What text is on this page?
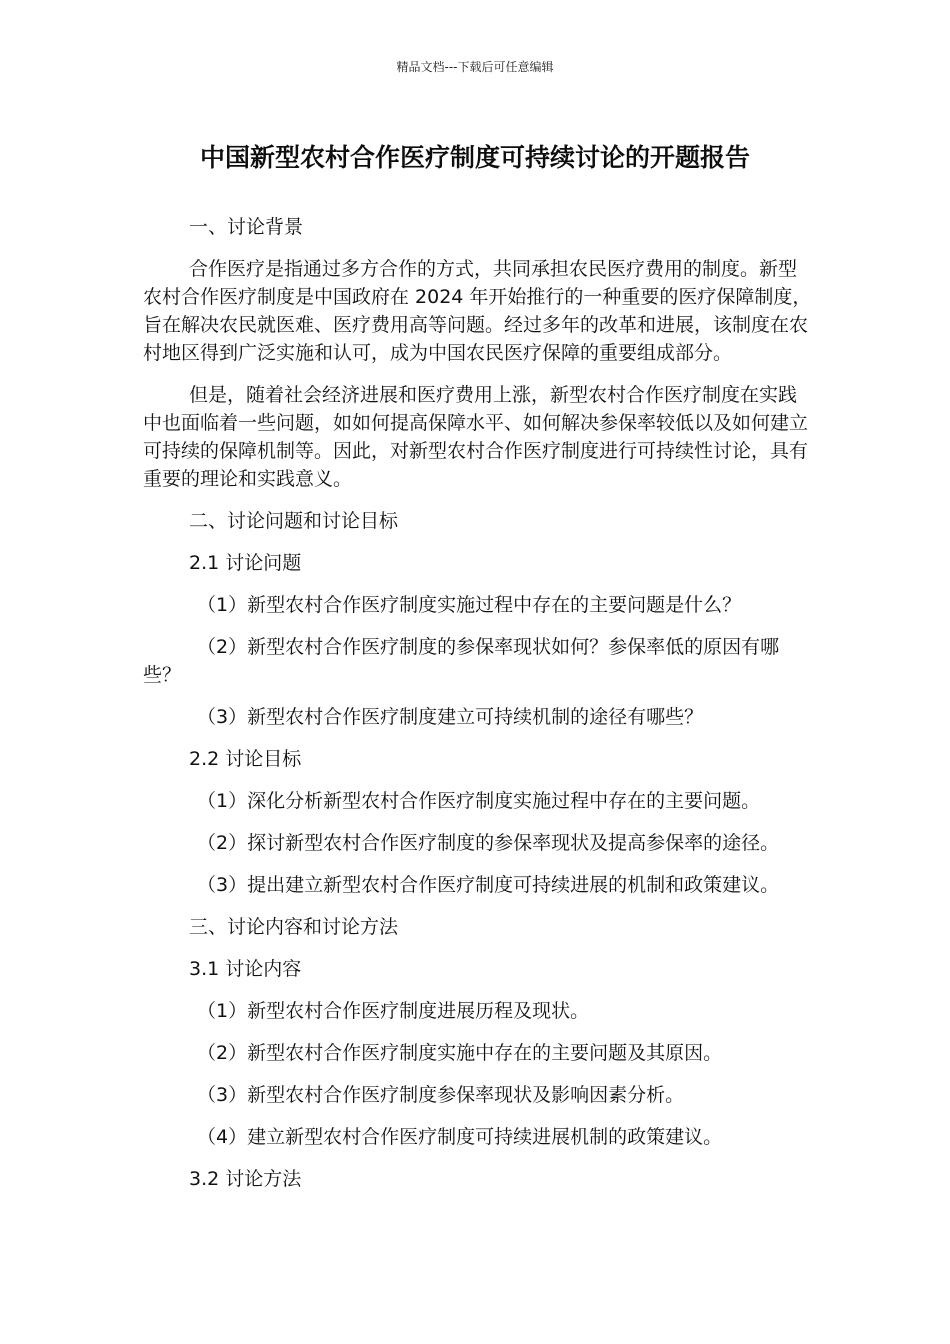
精品文档---下载后可任意编辑
中国新型农村合作医疗制度可持续讨论的开题报告

一、讨论背景

合作医疗是指通过多方合作的方式，共同承担农民医疗费用的制度。新型农村合作医疗制度是中国政府在 2024 年开始推行的一种重要的医疗保障制度，旨在解决农民就医难、医疗费用高等问题。经过多年的改革和进展，该制度在农村地区得到广泛实施和认可，成为中国农民医疗保障的重要组成部分。

但是，随着社会经济进展和医疗费用上涨，新型农村合作医疗制度在实践中也面临着一些问题，如如何提高保障水平、如何解决参保率较低以及如何建立可持续的保障机制等。因此，对新型农村合作医疗制度进行可持续性讨论，具有重要的理论和实践意义。

二、讨论问题和讨论目标

2.1 讨论问题

（1）新型农村合作医疗制度实施过程中存在的主要问题是什么？

（2）新型农村合作医疗制度的参保率现状如何？参保率低的原因有哪些？

（3）新型农村合作医疗制度建立可持续机制的途径有哪些？

2.2 讨论目标

（1）深化分析新型农村合作医疗制度实施过程中存在的主要问题。

（2）探讨新型农村合作医疗制度的参保率现状及提高参保率的途径。

（3）提出建立新型农村合作医疗制度可持续进展的机制和政策建议。

三、讨论内容和讨论方法

3.1 讨论内容

（1）新型农村合作医疗制度进展历程及现状。

（2）新型农村合作医疗制度实施中存在的主要问题及其原因。

（3）新型农村合作医疗制度参保率现状及影响因素分析。

（4）建立新型农村合作医疗制度可持续进展机制的政策建议。

3.2 讨论方法
